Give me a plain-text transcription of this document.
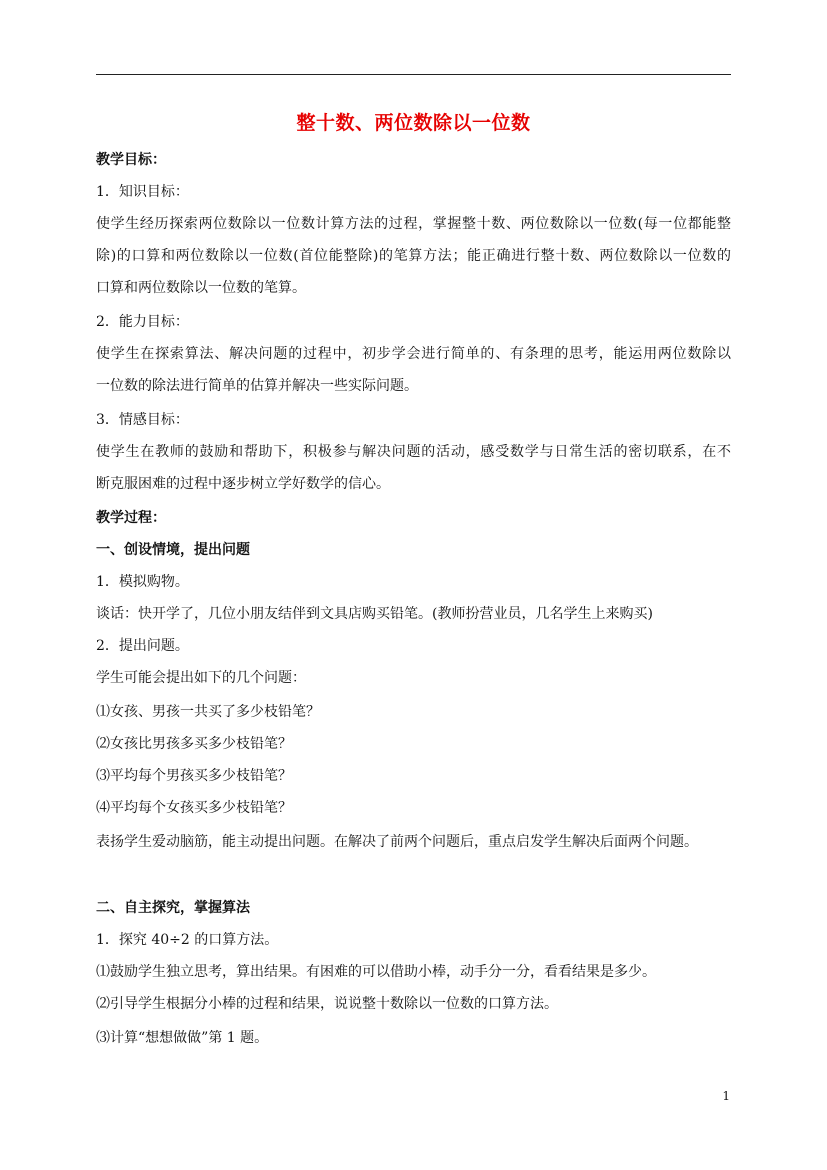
整十数、两位数除以一位数
教学目标：
1．知识目标：
使学生经历探索两位数除以一位数计算方法的过程，掌握整十数、两位数除以一位数(每一位都能整
除)的口算和两位数除以一位数(首位能整除)的笔算方法；能正确进行整十数、两位数除以一位数的
口算和两位数除以一位数的笔算。
2．能力目标：
使学生在探索算法、解决问题的过程中，初步学会进行简单的、有条理的思考，能运用两位数除以
一位数的除法进行简单的估算并解决一些实际问题。
3．情感目标：
使学生在教师的鼓励和帮助下，积极参与解决问题的活动，感受数学与日常生活的密切联系，在不
断克服困难的过程中逐步树立学好数学的信心。
教学过程：
一、创设情境，提出问题
1．模拟购物。
谈话：快开学了，几位小朋友结伴到文具店购买铅笔。(教师扮营业员，几名学生上来购买)
2．提出问题。
学生可能会提出如下的几个问题：
⑴女孩、男孩一共买了多少枝铅笔？
⑵女孩比男孩多买多少枝铅笔？
⑶平均每个男孩买多少枝铅笔？
⑷平均每个女孩买多少枝铅笔？
表扬学生爱动脑筋，能主动提出问题。在解决了前两个问题后，重点启发学生解决后面两个问题。
二、自主探究，掌握算法
1．探究 40÷2 的口算方法。
⑴鼓励学生独立思考，算出结果。有困难的可以借助小棒，动手分一分，看看结果是多少。
⑵引导学生根据分小棒的过程和结果，说说整十数除以一位数的口算方法。
⑶计算“想想做做”第 1 题。
1
